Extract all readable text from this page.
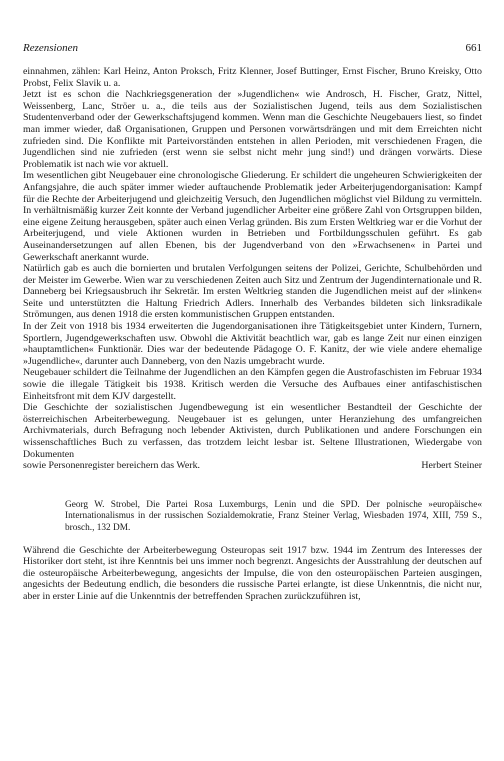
Rezensionen	661

einnahmen, zählen: Karl Heinz, Anton Proksch, Fritz Klenner, Josef Buttinger, Ernst Fischer, Bruno Kreisky, Otto Probst, Felix Slavik u. a.

Jetzt ist es schon die Nachkriegsgeneration der »Jugendlichen« wie Androsch, H. Fischer, Gratz, Nittel, Weissenberg, Lanc, Ströer u. a., die teils aus der Sozialistischen Jugend, teils aus dem Sozialistischen Studentenverband oder der Gewerkschaftsjugend kommen. Wenn man die Geschichte Neugebauers liest, so findet man immer wieder, daß Organisationen, Gruppen und Personen vorwärtsdrängen und mit dem Erreichten nicht zufrieden sind. Die Konflikte mit Parteivorständen entstehen in allen Perioden, mit verschiedenen Fragen, die Jugendlichen sind nie zufrieden (erst wenn sie selbst nicht mehr jung sind!) und drängen vorwärts. Diese Problematik ist nach wie vor aktuell.

Im wesentlichen gibt Neugebauer eine chronologische Gliederung. Er schildert die ungeheuren Schwierigkeiten der Anfangsjahre, die auch später immer wieder auftauchende Problematik jeder Arbeiterjugendorganisation: Kampf für die Rechte der Arbeiterjugend und gleichzeitig Versuch, den Jugendlichen möglichst viel Bildung zu vermitteln. In verhältnismäßig kurzer Zeit konnte der Verband jugendlicher Arbeiter eine größere Zahl von Ortsgruppen bilden, eine eigene Zeitung herausgeben, später auch einen Verlag gründen. Bis zum Ersten Weltkrieg war er die Vorhut der Arbeiterjugend, und viele Aktionen wurden in Betrieben und Fortbildungsschulen geführt. Es gab Auseinandersetzungen auf allen Ebenen, bis der Jugendverband von den »Erwachsenen« in Partei und Gewerkschaft anerkannt wurde.

Natürlich gab es auch die bornierten und brutalen Verfolgungen seitens der Polizei, Gerichte, Schulbehörden und der Meister im Gewerbe. Wien war zu verschiedenen Zeiten auch Sitz und Zentrum der Jugendinternationale und R. Danneberg bei Kriegsausbruch ihr Sekretär. Im ersten Weltkrieg standen die Jugendlichen meist auf der »linken« Seite und unterstützten die Haltung Friedrich Adlers. Innerhalb des Verbandes bildeten sich linksradikale Strömungen, aus denen 1918 die ersten kommunistischen Gruppen entstanden.

In der Zeit von 1918 bis 1934 erweiterten die Jugendorganisationen ihre Tätigkeitsgebiet unter Kindern, Turnern, Sportlern, Jugendgewerkschaften usw. Obwohl die Aktivität beachtlich war, gab es lange Zeit nur einen einzigen »hauptamtlichen« Funktionär. Dies war der bedeutende Pädagoge O. F. Kanitz, der wie viele andere ehemalige »Jugendliche«, darunter auch Danneberg, von den Nazis umgebracht wurde.

Neugebauer schildert die Teilnahme der Jugendlichen an den Kämpfen gegen die Austrofaschisten im Februar 1934 sowie die illegale Tätigkeit bis 1938. Kritisch werden die Versuche des Aufbaues einer antifaschistischen Einheitsfront mit dem KJV dargestellt.

Die Geschichte der sozialistischen Jugendbewegung ist ein wesentlicher Bestandteil der Geschichte der österreichischen Arbeiterbewegung. Neugebauer ist es gelungen, unter Heranziehung des umfangreichen Archivmaterials, durch Befragung noch lebender Aktivisten, durch Publikationen und andere Forschungen ein wissenschaftliches Buch zu verfassen, das trotzdem leicht lesbar ist. Seltene Illustrationen, Wiedergabe von Dokumenten

sowie Personenregister bereichern das Werk.	Herbert Steiner
Georg W. Strobel, Die Partei Rosa Luxemburgs, Lenin und die SPD. Der polnische »europäische« Internationalismus in der russischen Sozialdemokratie, Franz Steiner Verlag, Wiesbaden 1974, XIII, 759 S., brosch., 132 DM.

Während die Geschichte der Arbeiterbewegung Osteuropas seit 1917 bzw. 1944 im Zentrum des Interesses der Historiker dort steht, ist ihre Kenntnis bei uns immer noch begrenzt. Angesichts der Ausstrahlung der deutschen auf die osteuropäische Arbeiterbewegung, angesichts der Impulse, die von den osteuropäischen Parteien ausgingen, angesichts der Bedeutung endlich, die besonders die russische Partei erlangte, ist diese Unkenntnis, die nicht nur, aber in erster Linie auf die Unkenntnis der betreffenden Sprachen zurückzuführen ist,
